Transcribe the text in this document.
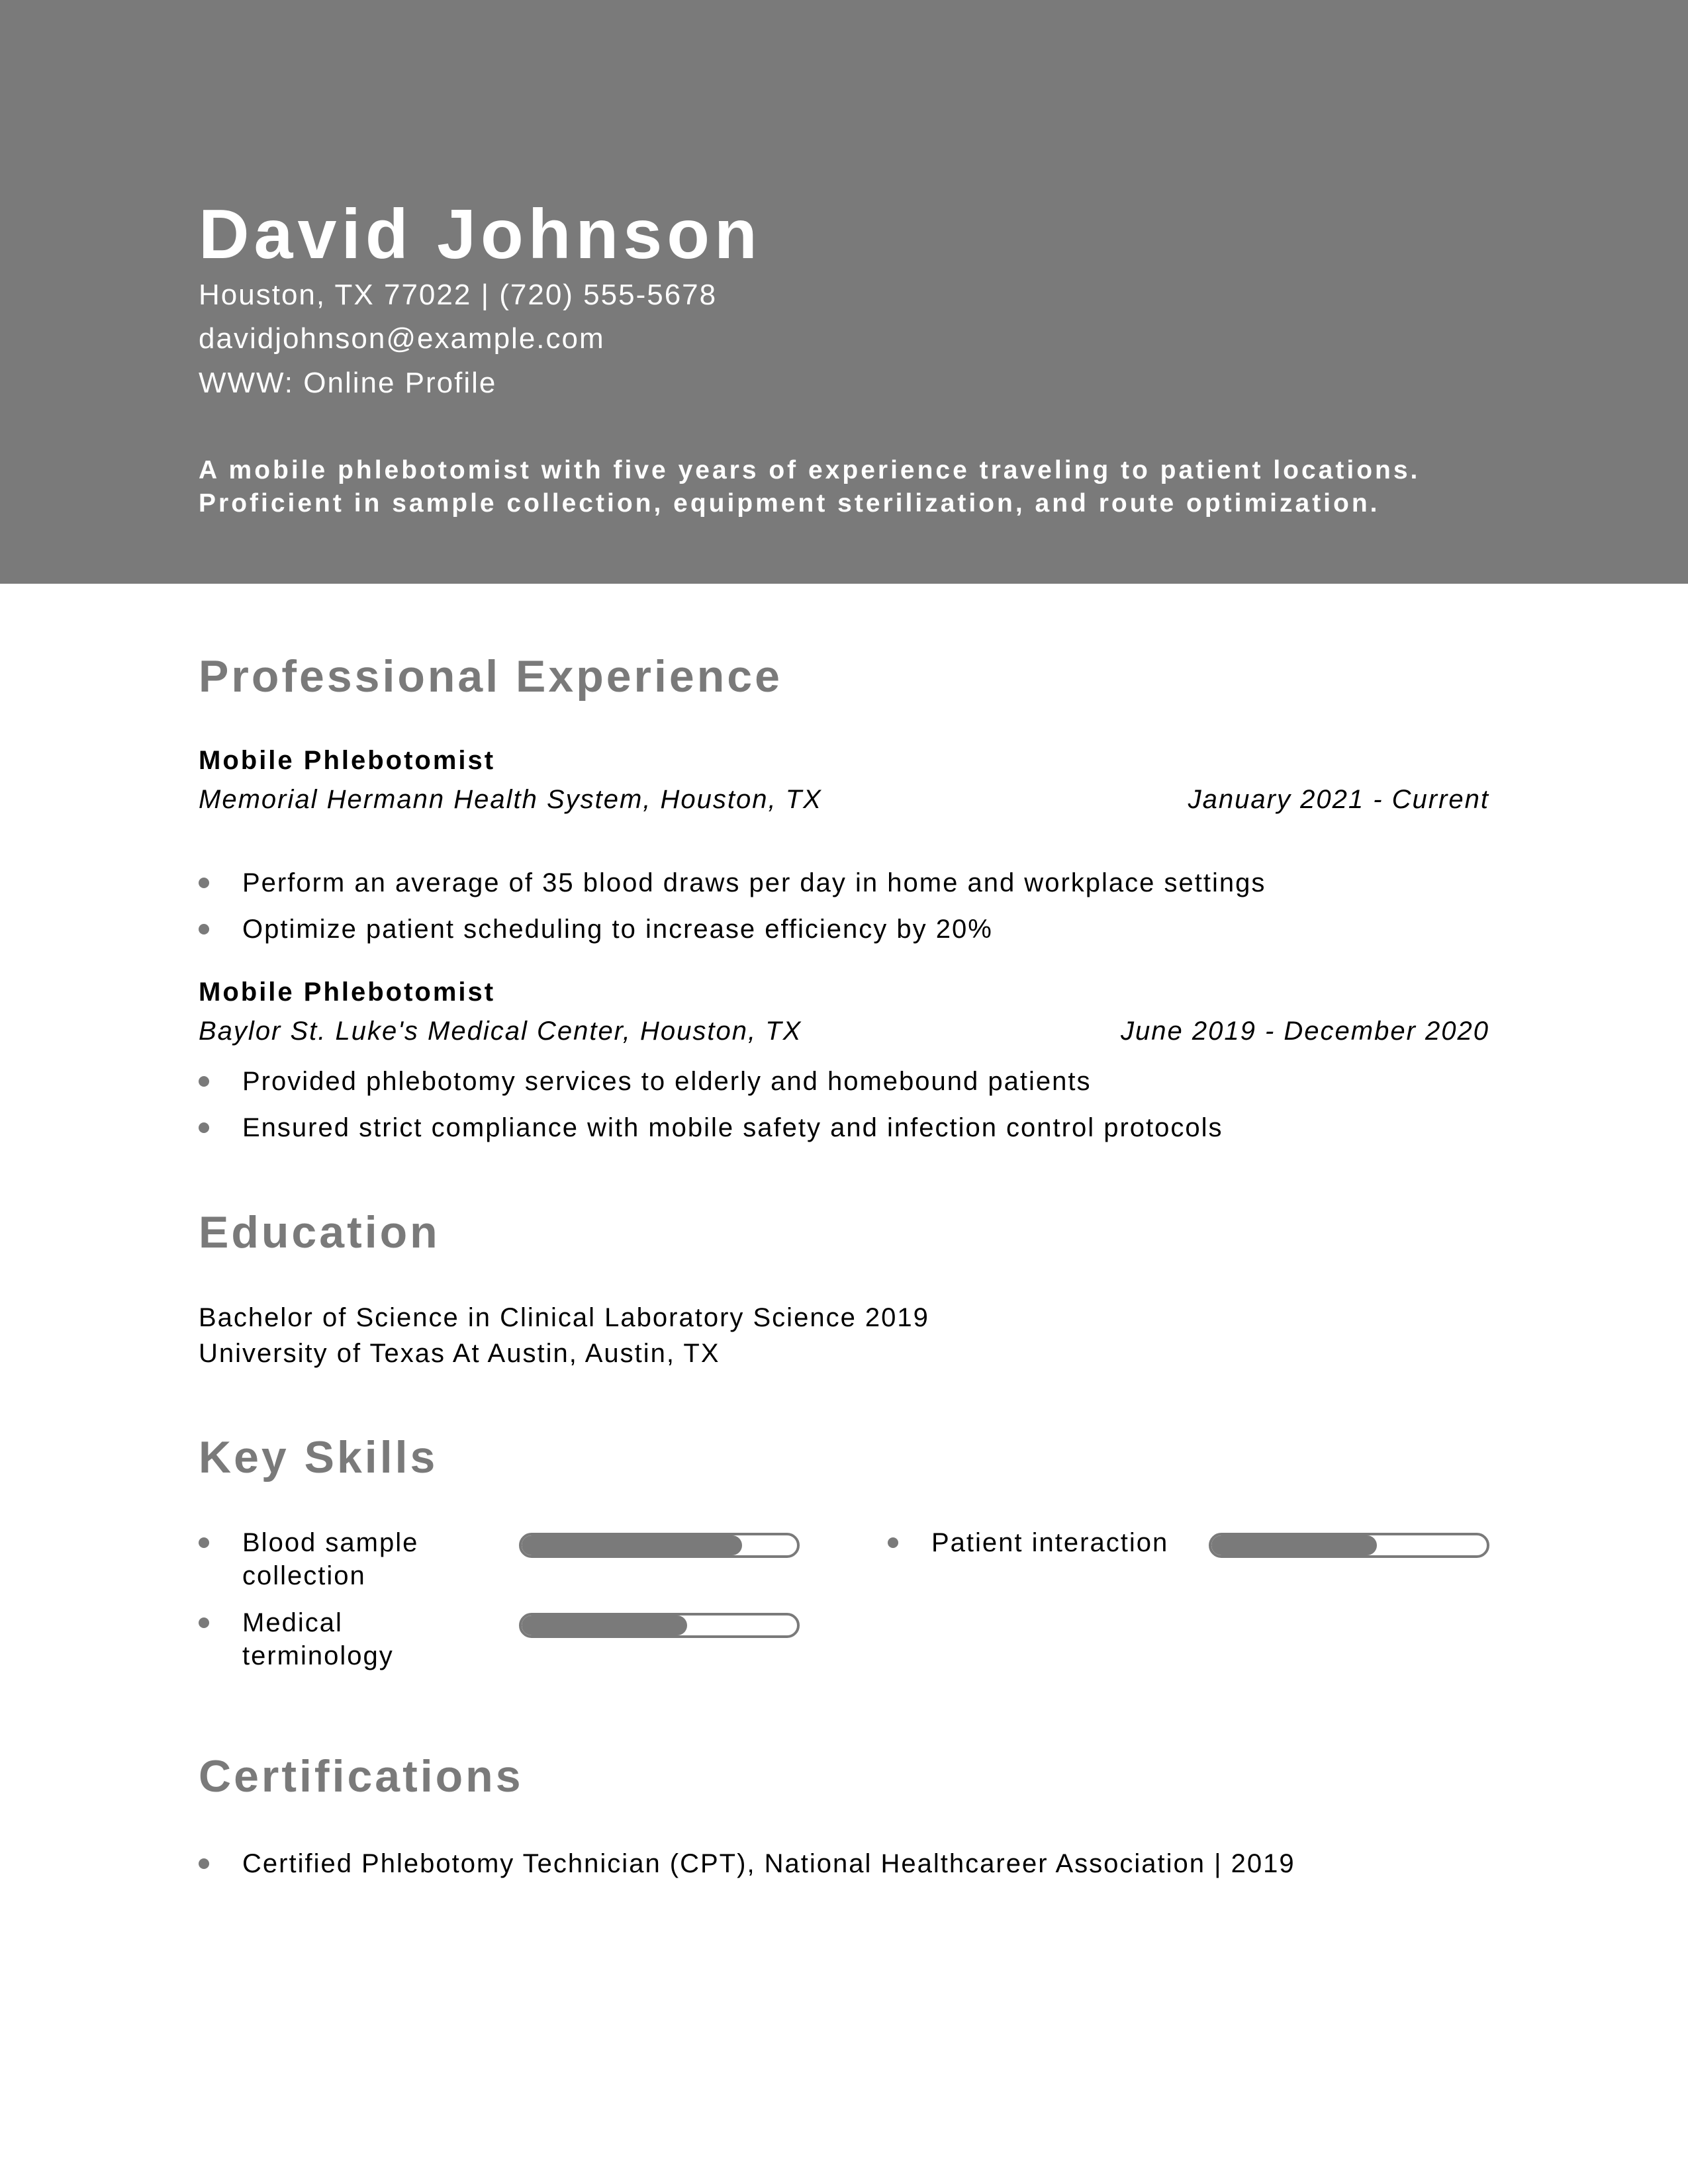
David Johnson
Houston, TX 77022 | (720) 555-5678
davidjohnson@example.com
WWW: Online Profile
A mobile phlebotomist with five years of experience traveling to patient locations. Proficient in sample collection, equipment sterilization, and route optimization.
Professional Experience
Mobile Phlebotomist
Memorial Hermann Health System, Houston, TX	January 2021 - Current
Perform an average of 35 blood draws per day in home and workplace settings
Optimize patient scheduling to increase efficiency by 20%
Mobile Phlebotomist
Baylor St. Luke's Medical Center, Houston, TX	June 2019 - December 2020
Provided phlebotomy services to elderly and homebound patients
Ensured strict compliance with mobile safety and infection control protocols
Education
Bachelor of Science in Clinical Laboratory Science 2019
University of Texas At Austin, Austin, TX
Key Skills
Blood sample collection
Patient interaction
Medical terminology
Certifications
Certified Phlebotomy Technician (CPT), National Healthcareer Association | 2019
